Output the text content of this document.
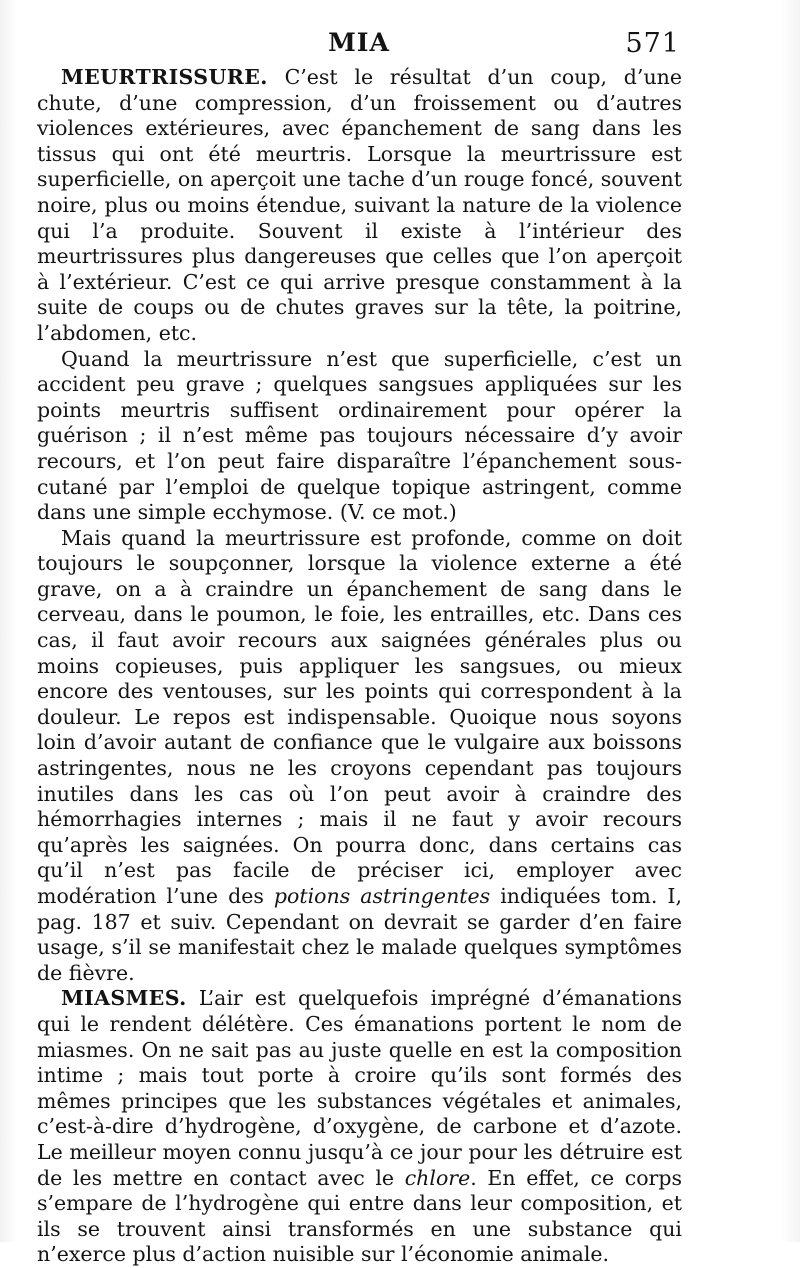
MIA	571

MEURTRISSURE. C’est le résultat d’un coup, d’une chute, d’une compression, d’un froissement ou d’autres violences extérieures, avec épanchement de sang dans les tissus qui ont été meurtris. Lorsque la meurtrissure est superficielle, on aperçoit une tache d’un rouge foncé, souvent noire, plus ou moins étendue, suivant la nature de la violence qui l’a produite. Souvent il existe à l’intérieur des meurtrissures plus dangereuses que celles que l’on aperçoit à l’extérieur. C’est ce qui arrive presque constamment à la suite de coups ou de chutes graves sur la tête, la poitrine, l’abdomen, etc.

Quand la meurtrissure n’est que superficielle, c’est un accident peu grave ; quelques sangsues appliquées sur les points meurtris suffisent ordinairement pour opérer la guérison ; il n’est même pas toujours nécessaire d’y avoir recours, et l’on peut faire disparaître l’épanchement sous-cutané par l’emploi de quelque topique astringent, comme dans une simple ecchymose. (V. ce mot.)

Mais quand la meurtrissure est profonde, comme on doit toujours le soupçonner, lorsque la violence externe a été grave, on a à craindre un épanchement de sang dans le cerveau, dans le poumon, le foie, les entrailles, etc. Dans ces cas, il faut avoir recours aux saignées générales plus ou moins copieuses, puis appliquer les sangsues, ou mieux encore des ventouses, sur les points qui correspondent à la douleur. Le repos est indispensable. Quoique nous soyons loin d’avoir autant de confiance que le vulgaire aux boissons astringentes, nous ne les croyons cependant pas toujours inutiles dans les cas où l’on peut avoir à craindre des hémorrhagies internes ; mais il ne faut y avoir recours qu’après les saignées. On pourra donc, dans certains cas qu’il n’est pas facile de préciser ici, employer avec modération l’une des potions astringentes indiquées tom. I, pag. 187 et suiv. Cependant on devrait se garder d’en faire usage, s’il se manifestait chez le malade quelques symptômes de fièvre.

MIASMES. L’air est quelquefois imprégné d’émanations qui le rendent délétère. Ces émanations portent le nom de miasmes. On ne sait pas au juste quelle en est la composition intime ; mais tout porte à croire qu’ils sont formés des mêmes principes que les substances végétales et animales, c’est-à-dire d’hydrogène, d’oxygène, de carbone et d’azote. Le meilleur moyen connu jusqu’à ce jour pour les détruire est de les mettre en contact avec le chlore. En effet, ce corps s’empare de l’hydrogène qui entre dans leur composition, et ils se trouvent ainsi transformés en une substance qui n’exerce plus d’action nuisible sur l’économie animale.
